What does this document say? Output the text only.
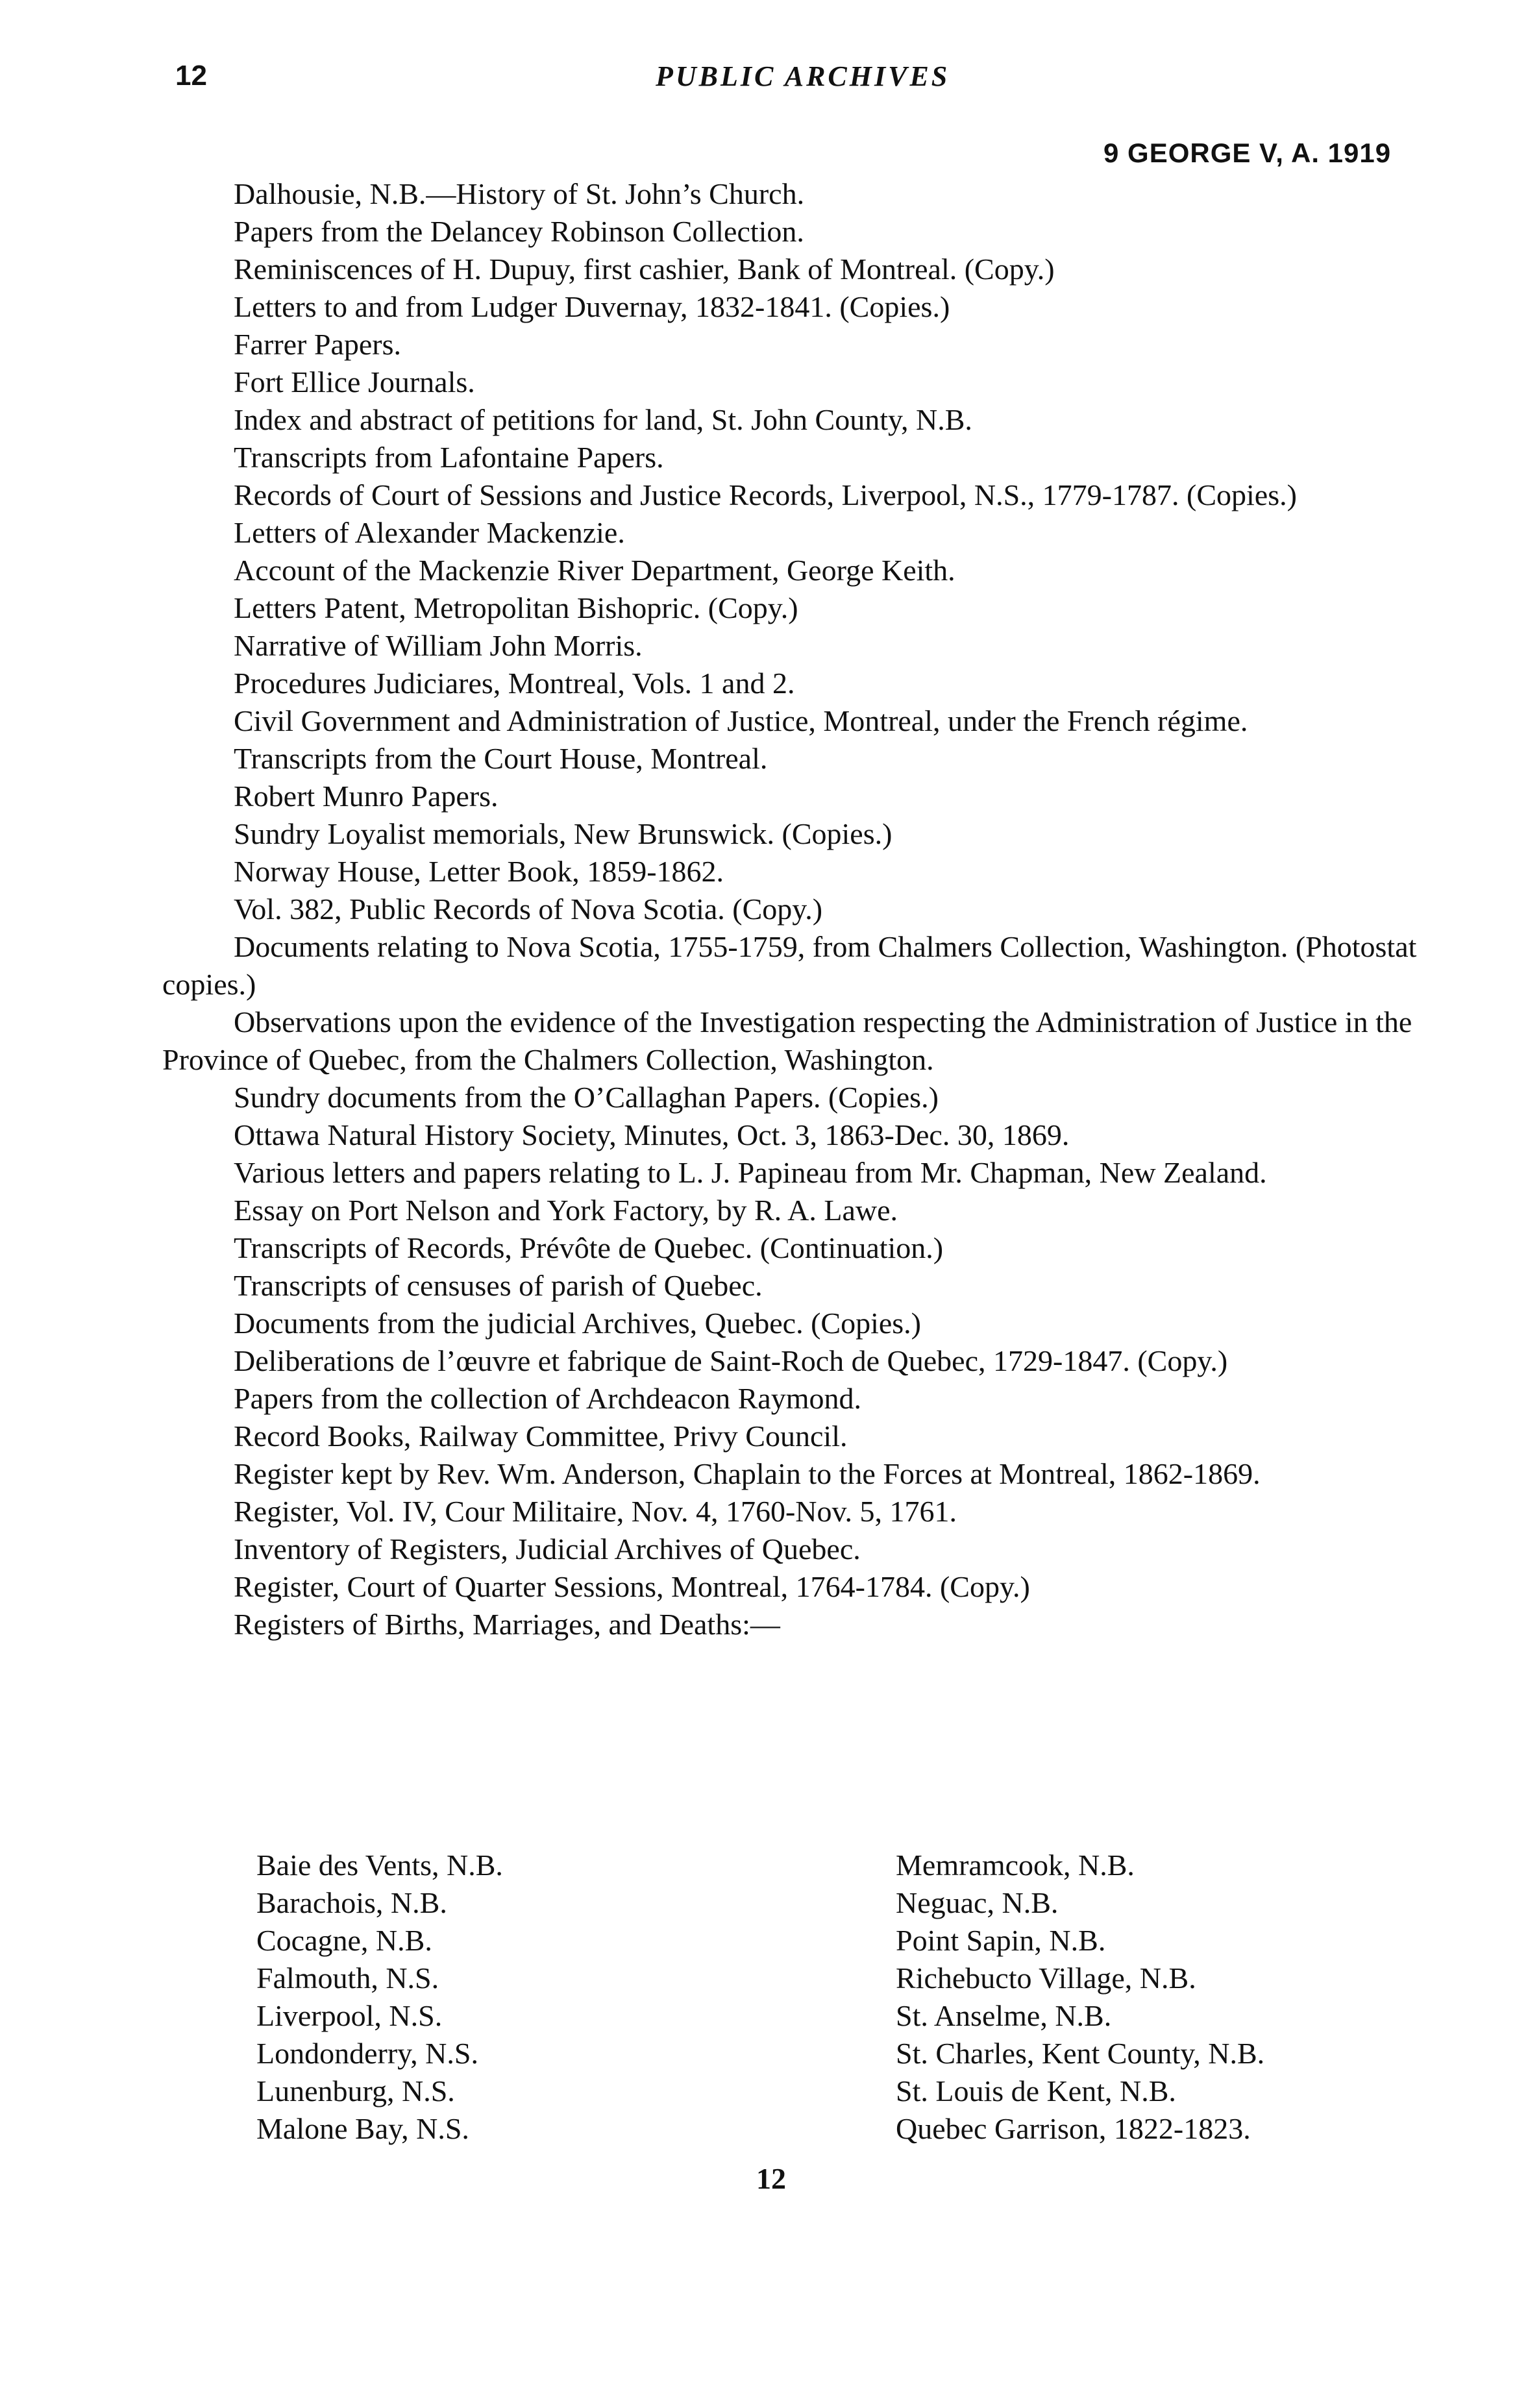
12	PUBLIC ARCHIVES
9 GEORGE V, A. 1919

Dalhousie, N.B.—History of St. John’s Church.

Papers from the Delancey Robinson Collection.

Reminiscences of H. Dupuy, first cashier, Bank of Montreal. (Copy.)

Letters to and from Ludger Duvernay, 1832-1841. (Copies.)

Farrer Papers.

Fort Ellice Journals.

Index and abstract of petitions for land, St. John County, N.B.

Transcripts from Lafontaine Papers.

Records of Court of Sessions and Justice Records, Liverpool, N.S., 1779-1787. (Copies.)

Letters of Alexander Mackenzie.

Account of the Mackenzie River Department, George Keith.

Letters Patent, Metropolitan Bishopric. (Copy.)

Narrative of William John Morris.

Procedures Judiciares, Montreal, Vols. 1 and 2.

Civil Government and Administration of Justice, Montreal, under the French régime.

Transcripts from the Court House, Montreal.

Robert Munro Papers.

Sundry Loyalist memorials, New Brunswick. (Copies.)

Norway House, Letter Book, 1859-1862.

Vol. 382, Public Records of Nova Scotia. (Copy.)

Documents relating to Nova Scotia, 1755-1759, from Chalmers Collection, Washington. (Photostat copies.)

Observations upon the evidence of the Investigation respecting the Administration of Justice in the Province of Quebec, from the Chalmers Collection, Washington.

Sundry documents from the O’Callaghan Papers. (Copies.)

Ottawa Natural History Society, Minutes, Oct. 3, 1863-Dec. 30, 1869.

Various letters and papers relating to L. J. Papineau from Mr. Chapman, New Zealand.

Essay on Port Nelson and York Factory, by R. A. Lawe.

Transcripts of Records, Prévôte de Quebec. (Continuation.)

Transcripts of censuses of parish of Quebec.

Documents from the judicial Archives, Quebec. (Copies.)

Deliberations de l’œuvre et fabrique de Saint-Roch de Quebec, 1729-1847. (Copy.)

Papers from the collection of Archdeacon Raymond.

Record Books, Railway Committee, Privy Council.

Register kept by Rev. Wm. Anderson, Chaplain to the Forces at Montreal, 1862-1869.

Register, Vol. IV, Cour Militaire, Nov. 4, 1760-Nov. 5, 1761.

Inventory of Registers, Judicial Archives of Quebec.

Register, Court of Quarter Sessions, Montreal, 1764-1784. (Copy.)

Registers of Births, Marriages, and Deaths:—

Baie des Vents, N.B.
Barachois, N.B.
Cocagne, N.B.
Falmouth, N.S.
Liverpool, N.S.
Londonderry, N.S.
Lunenburg, N.S.
Malone Bay, N.S.
Memramcook, N.B.
Neguac, N.B.
Point Sapin, N.B.
Richebucto Village, N.B.
St. Anselme, N.B.
St. Charles, Kent County, N.B.
St. Louis de Kent, N.B.
Quebec Garrison, 1822-1823.
12
